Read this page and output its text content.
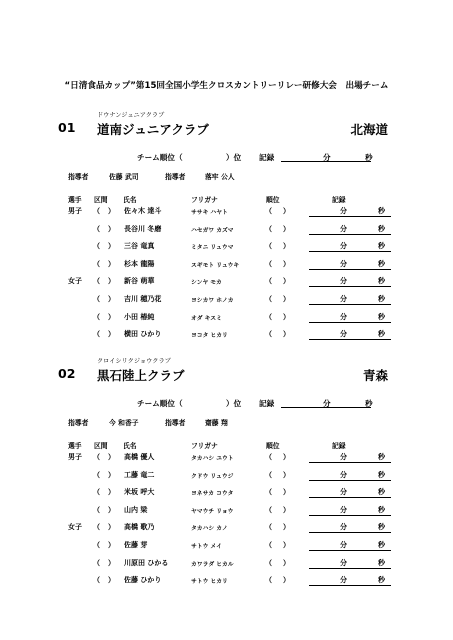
“日清食品カップ”第15回全国小学生クロスカントリーリレー研修大会　出場チーム
ドウナンジュニアクラブ
01 道南ジュニアクラブ	北海道
チーム順位（	）位 記録	分	秒
指導者	佐藤 武司	指導者	落牢 公人
選手 区間 氏名	フリガナ	順位	記録
男子 （ ） 佐々木 達斗	ササキ ハヤト	（ ）	分	秒
（ ） 長谷川 冬磨	ハセガワ カズマ	（ ）	分	秒
（ ） 三谷 竜真	ミタニ リュウマ	（ ）	分	秒
（ ） 杉本 龍陽	スギモト リュウキ	（ ）	分	秒
女子 （ ） 新谷 萌華	シンヤ モカ	（ ）	分	秒
（ ） 吉川 穂乃花	ヨシカワ ホノカ	（ ）	分	秒
（ ） 小田 椿純	オダ キスミ	（ ）	分	秒
（ ） 横田 ひかり	ヨコタ ヒカリ	（ ）	分	秒
クロイシリクジョウクラブ
02 黒石陸上クラブ	青森
チーム順位（	）位 記録	分	秒
指導者	今 和香子	指導者	齋藤 翔
選手 区間 氏名	フリガナ	順位	記録
男子 （ ） 高橋 優人	タカハシ ユウト	（ ）	分	秒
（ ） 工藤 竜二	クドウ リュウジ	（ ）	分	秒
（ ） 米坂 呼大	ヨネサカ コウタ	（ ）	分	秒
（ ） 山内 梁	ヤマウチ リョウ	（ ）	分	秒
女子 （ ） 高橋 歌乃	タカハシ カノ	（ ）	分	秒
（ ） 佐藤 芽	サトウ メイ	（ ）	分	秒
（ ） 川原田 ひかる	カワラダ ヒカル	（ ）	分	秒
（ ） 佐藤 ひかり	サトウ ヒカリ	（ ）	分	秒
